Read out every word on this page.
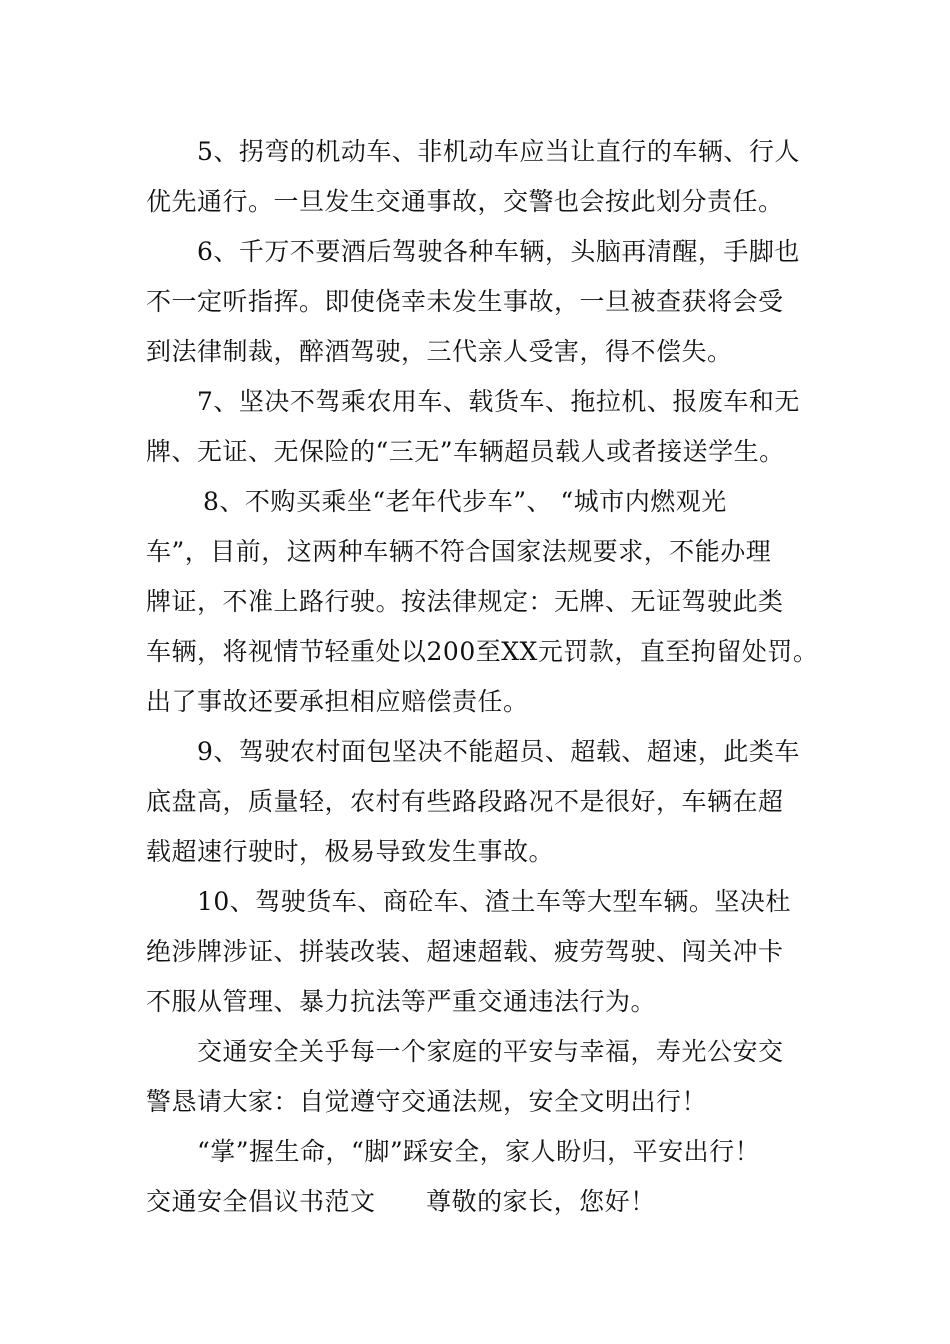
5、拐弯的机动车、非机动车应当让直行的车辆、行人
优先通行。一旦发生交通事故，交警也会按此划分责任。
6、千万不要酒后驾驶各种车辆，头脑再清醒，手脚也
不一定听指挥。即使侥幸未发生事故，一旦被查获将会受
到法律制裁，醉酒驾驶，三代亲人受害，得不偿失。
7、坚决不驾乘农用车、载货车、拖拉机、报废车和无
牌、无证、无保险的“三无”车辆超员载人或者接送学生。
8、不购买乘坐“老年代步车”、 “城市内燃观光
车”，目前，这两种车辆不符合国家法规要求，不能办理
牌证，不准上路行驶。按法律规定：无牌、无证驾驶此类
车辆，将视情节轻重处以200至XX元罚款，直至拘留处罚。
出了事故还要承担相应赔偿责任。
9、驾驶农村面包坚决不能超员、超载、超速，此类车
底盘高，质量轻，农村有些路段路况不是很好，车辆在超
载超速行驶时，极易导致发生事故。
10、驾驶货车、商砼车、渣土车等大型车辆。坚决杜
绝涉牌涉证、拼装改装、超速超载、疲劳驾驶、闯关冲卡
不服从管理、暴力抗法等严重交通违法行为。
交通安全关乎每一个家庭的平安与幸福，寿光公安交
警恳请大家：自觉遵守交通法规，安全文明出行！
“掌”握生命，“脚”踩安全，家人盼归，平安出行！
交通安全倡议书范文      尊敬的家长，您好！
